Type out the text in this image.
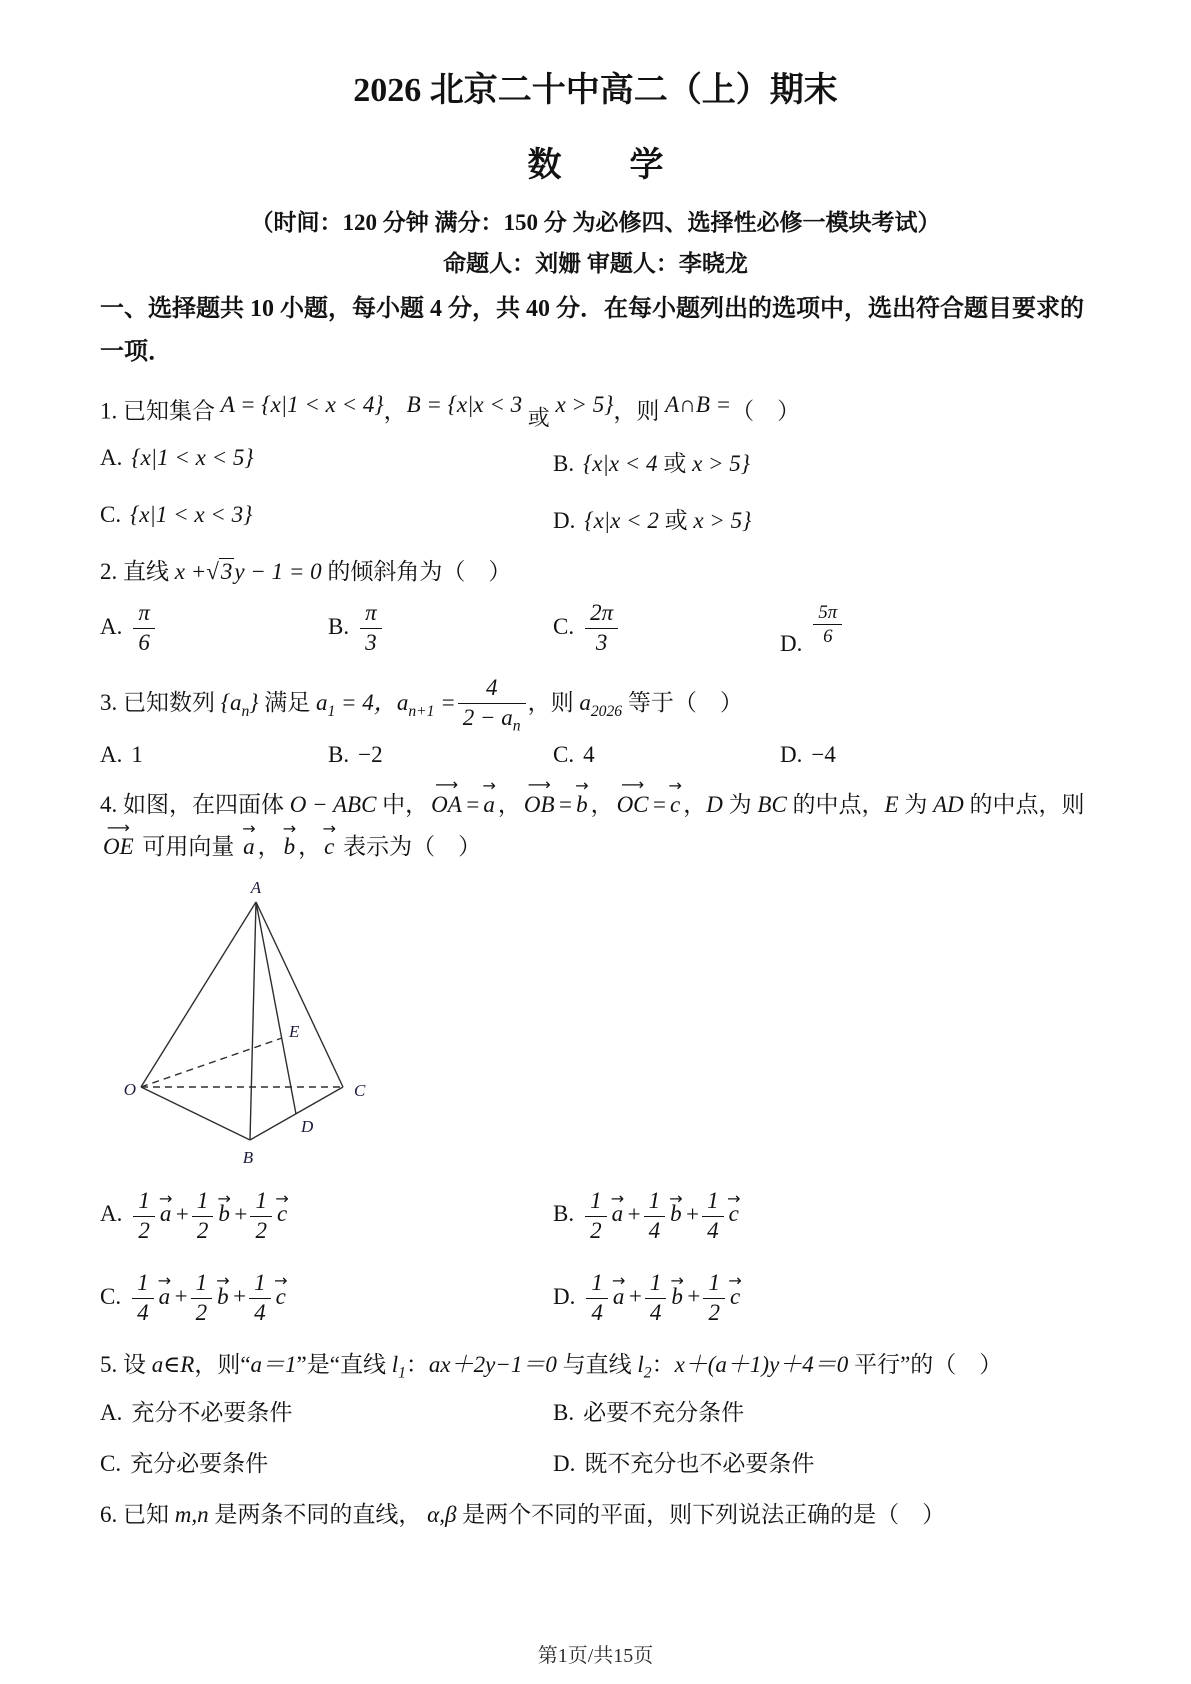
2026 北京二十中高二（上）期末
数　　学

（时间：120 分钟 满分：150 分 为必修四、选择性必修一模块考试）

命题人：刘姗 审题人：李晓龙

一、选择题共 10 小题，每小题 4 分，共 40 分．在每小题列出的选项中，选出符合题目要求的一项．

1. 已知集合 A = {x|1 < x < 4}，B = {x|x < 3 或 x > 5}，则 A∩B =（　）

A. {x|1 < x < 5}	B. {x|x < 4 或 x > 5}
C. {x|1 < x < 3}	D. {x|x < 2 或 x > 5}

2. 直线 x +√3y − 1 = 0 的倾斜角为（　）

A. $\frac{\pi}{6}$	B. $\frac{\pi}{3}$	C. $\frac{2\pi}{3}$	D. $\frac{5\pi}{6}$

3. 已知数列 $\{a_n\}$ 满足 $a_1 = 4$，$a_{n+1} = \frac{4}{2 - a_n}$ ，则 $a_{2026}$ 等于（　）

A. 1	B. −2	C. 4	D. −4

4. 如图，在四面体 O − ABC 中， OA ⟶ = a → ， OB ⟶ = b → ， OC ⟶ = c → ，D 为 BC 的中点，E 为 AD 的中点，则
OE ⟶ 可用向量 a → ， b → ， c → 表示为（　）

A
O	C
B
D
E
A. $\frac{1}{2}$ a → + $\frac{1}{2}$ b → + $\frac{1}{2}$ c →	B. $\frac{1}{2}$ a → + $\frac{1}{4}$ b → + $\frac{1}{4}$ c →
C. $\frac{1}{4}$ a → + $\frac{1}{2}$ b → + $\frac{1}{4}$ c →	D. $\frac{1}{4}$ a → + $\frac{1}{4}$ b → + $\frac{1}{2}$ c →

5. 设 a∈R，则“a＝1”是“直线 $l_1$：ax＋2y−1＝0 与直线 $l_2$：x＋(a＋1)y＋4＝0 平行”的（　）

A. 充分不必要条件	B. 必要不充分条件
C. 充分必要条件	D. 既不充分也不必要条件

6. 已知 m,n 是两条不同的直线， α,β 是两个不同的平面，则下列说法正确的是（　）

第1页/共15页
